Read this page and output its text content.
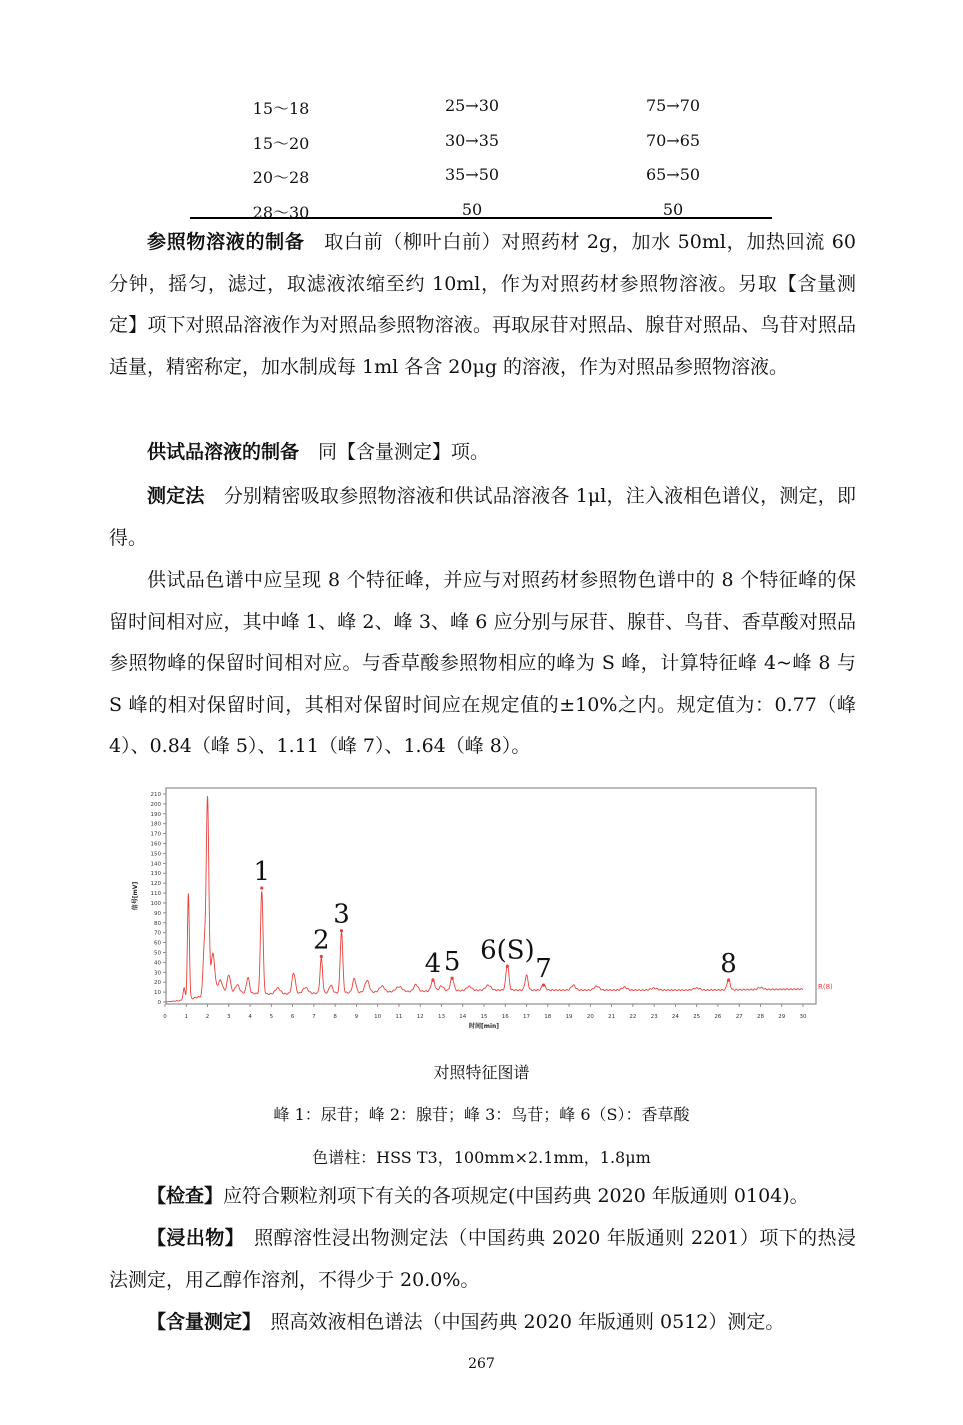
15～18	25→30	75→70
15～20	30→35	70→65
20～28	35→50	65→50
28～30	50	50
参照物溶液的制备　取白前（柳叶白前）对照药材 2g，加水 50ml，加热回流 60 分钟，摇匀，滤过，取滤液浓缩至约 10ml，作为对照药材参照物溶液。另取【含量测定】项下对照品溶液作为对照品参照物溶液。再取尿苷对照品、腺苷对照品、鸟苷对照品适量，精密称定，加水制成每 1ml 各含 20μg 的溶液，作为对照品参照物溶液。
供试品溶液的制备　同【含量测定】项。
测定法　分别精密吸取参照物溶液和供试品溶液各 1μl，注入液相色谱仪，测定，即得。
供试品色谱中应呈现 8 个特征峰，并应与对照药材参照物色谱中的 8 个特征峰的保留时间相对应，其中峰 1、峰 2、峰 3、峰 6 应分别与尿苷、腺苷、鸟苷、香草酸对照品参照物峰的保留时间相对应。与香草酸参照物相应的峰为 S 峰，计算特征峰 4~峰 8 与 S 峰的相对保留时间，其相对保留时间应在规定值的±10%之内。规定值为：0.77（峰 4）、0.84（峰 5）、1.11（峰 7）、1.64（峰 8）。
0
10
20
30
40
50
60
70
80
90
100
110
120
130
140
150
160
170
180
190
200
210
0	1	2	3	4	5	6	7	8	9	10	11	12	13	14	15	16	17	18	19	20	21	22	23	24	25	26	27	28	29	30
信号[mV]
时间[min]
R(8)
1
2
3
4 5 6(S)
7	8
对照特征图谱
峰 1：尿苷；峰 2：腺苷；峰 3：鸟苷；峰 6（S）：香草酸
色谱柱：HSS T3，100mm×2.1mm，1.8μm
【检查】应符合颗粒剂项下有关的各项规定(中国药典 2020 年版通则 0104)。
【浸出物】　照醇溶性浸出物测定法（中国药典 2020 年版通则 2201）项下的热浸法测定，用乙醇作溶剂，不得少于 20.0%。
【含量测定】　照高效液相色谱法（中国药典 2020 年版通则 0512）测定。
267
